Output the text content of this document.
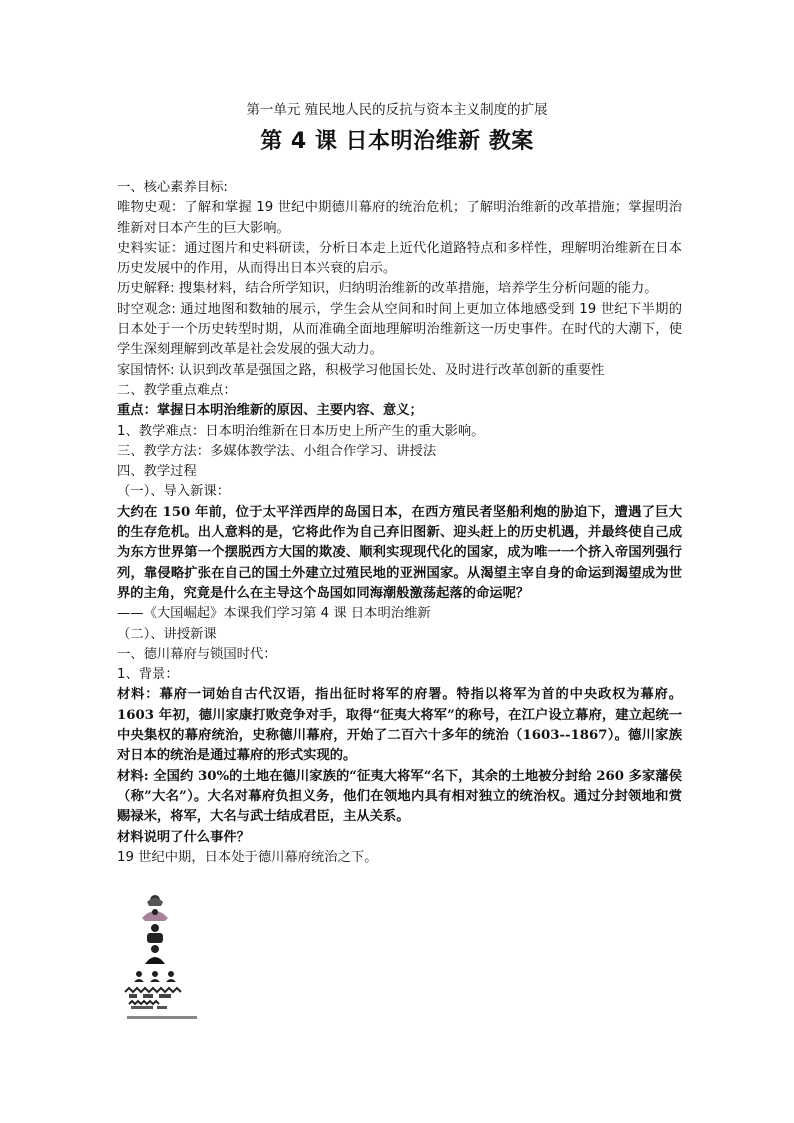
第一单元 殖民地人民的反抗与资本主义制度的扩展
第 4 课 日本明治维新 教案

一、核心素养目标:

唯物史观：了解和掌握 19 世纪中期德川幕府的统治危机；了解明治维新的改革措施；掌握明治维新对日本产生的巨大影响。

史料实证：通过图片和史料研读，分析日本走上近代化道路特点和多样性，理解明治维新在日本历史发展中的作用，从而得出日本兴衰的启示。

历史解释: 搜集材料，结合所学知识，归纳明治维新的改革措施，培养学生分析问题的能力。

时空观念: 通过地图和数轴的展示，学生会从空间和时间上更加立体地感受到 19 世纪下半期的日本处于一个历史转型时期，从而准确全面地理解明治维新这一历史事件。在时代的大潮下，使学生深刻理解到改革是社会发展的强大动力。

家国情怀: 认识到改革是强国之路，积极学习他国长处、及时进行改革创新的重要性

二、教学重点难点：

重点：掌握日本明治维新的原因、主要内容、意义；

1、教学难点：日本明治维新在日本历史上所产生的重大影响。

三、教学方法：多媒体教学法、小组合作学习、讲授法

四、教学过程

（一）、导入新课：

大约在 150 年前，位于太平洋西岸的岛国日本，在西方殖民者坚船利炮的胁迫下，遭遇了巨大的生存危机。出人意料的是，它将此作为自己弃旧图新、迎头赶上的历史机遇，并最终使自己成为东方世界第一个摆脱西方大国的欺凌、顺利实现现代化的国家，成为唯一一个挤入帝国列强行列，靠侵略扩张在自己的国土外建立过殖民地的亚洲国家。从渴望主宰自身的命运到渴望成为世界的主角，究竟是什么在主导这个岛国如同海潮般激荡起落的命运呢？

——《大国崛起》本课我们学习第 4 课 日本明治维新

（二）、讲授新课

一、德川幕府与锁国时代：

1、背景：

材料：幕府一词始自古代汉语，指出征时将军的府署。特指以将军为首的中央政权为幕府。1603 年初，德川家康打败竞争对手，取得“征夷大将军”的称号，在江户设立幕府，建立起统一中央集权的幕府统治，史称德川幕府，开始了二百六十多年的统治（1603--1867）。德川家族对日本的统治是通过幕府的形式实现的。

材料: 全国约 30%的土地在德川家族的“征夷大将军“名下，其余的土地被分封给 260 多家藩侯（称”大名”）。大名对幕府负担义务，他们在领地内具有相对独立的统治权。通过分封领地和赏赐禄米，将军，大名与武士结成君臣，主从关系。

材料说明了什么事件？

19 世纪中期，日本处于德川幕府统治之下。
